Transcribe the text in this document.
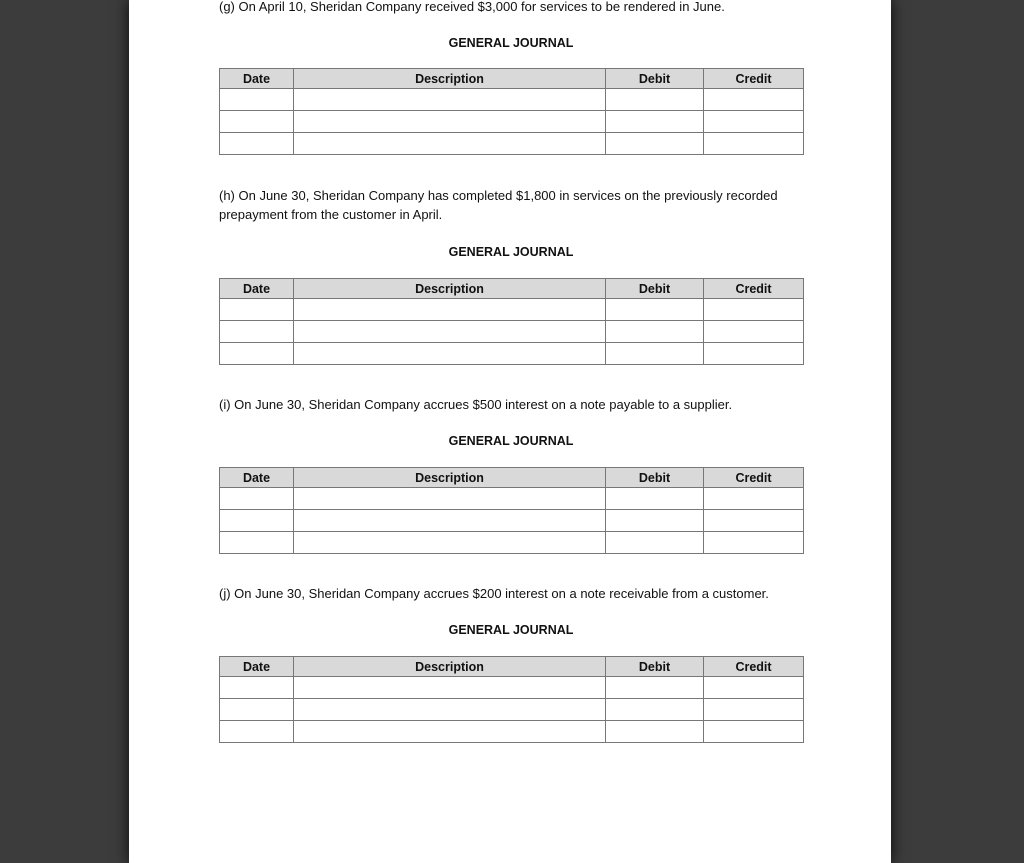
(g) On April 10, Sheridan Company received $3,000 for services to be rendered in June.

GENERAL JOURNAL

Date	Description	Debit	Credit

(h) On June 30, Sheridan Company has completed $1,800 in services on the previously recorded prepayment from the customer in April.

GENERAL JOURNAL

Date	Description	Debit	Credit

(i) On June 30, Sheridan Company accrues $500 interest on a note payable to a supplier.

GENERAL JOURNAL

Date	Description	Debit	Credit

(j) On June 30, Sheridan Company accrues $200 interest on a note receivable from a customer.

GENERAL JOURNAL

Date	Description	Debit	Credit
